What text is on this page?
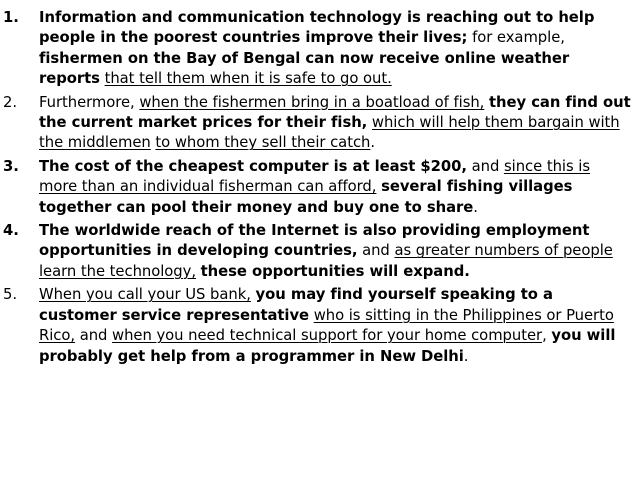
1. Information and communication technology is reaching out to help people in the poorest countries improve their lives; for example, fishermen on the Bay of Bengal can now receive online weather reports that tell them when it is safe to go out.
2. Furthermore, when the fishermen bring in a boatload of fish, they can find out the current market prices for their fish, which will help them bargain with the middlemen to whom they sell their catch.
3. The cost of the cheapest computer is at least $200, and since this is more than an individual fisherman can afford, several fishing villages together can pool their money and buy one to share.
4. The worldwide reach of the Internet is also providing employment opportunities in developing countries, and as greater numbers of people learn the technology, these opportunities will expand.
5. When you call your US bank, you may find yourself speaking to a customer service representative who is sitting in the Philippines or Puerto Rico, and when you need technical support for your home computer, you will probably get help from a programmer in New Delhi.
